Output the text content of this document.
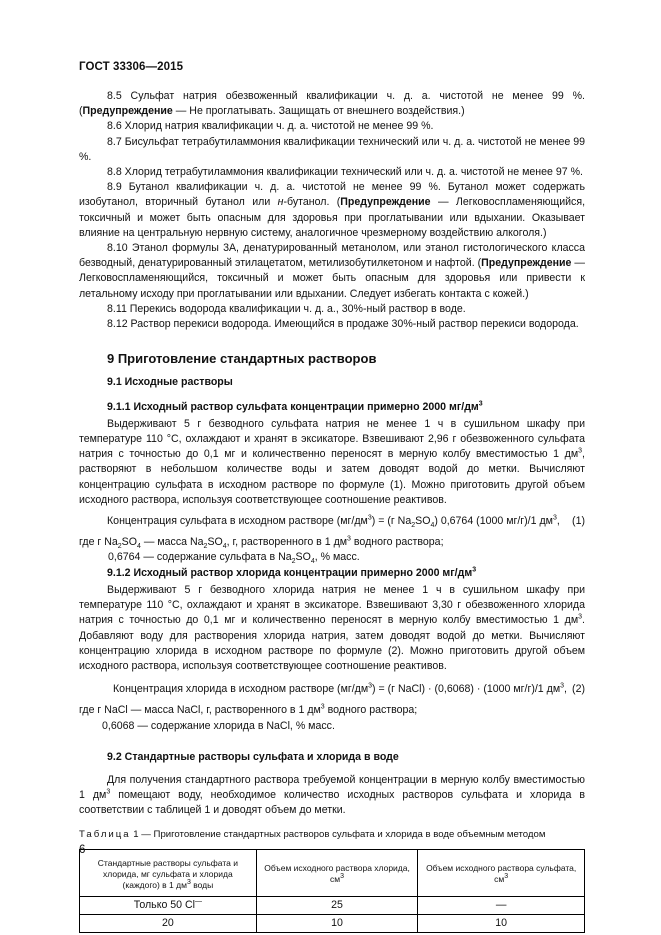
ГОСТ 33306—2015

8.5 Сульфат натрия обезвоженный квалификации ч. д. а. чистотой не менее 99 %. (Предупреждение — Не проглатывать. Защищать от внешнего воздействия.)

8.6 Хлорид натрия квалификации ч. д. а. чистотой не менее 99 %.

8.7 Бисульфат тетрабутиламмония квалификации технический или ч. д. а. чистотой не менее 99 %.

8.8 Хлорид тетрабутиламмония квалификации технический или ч. д. а. чистотой не менее 97 %.

8.9 Бутанол квалификации ч. д. а. чистотой не менее 99 %. Бутанол может содержать изобутанол, вторичный бутанол или н-бутанол. (Предупреждение — Легковоспламеняющийся, токсичный и может быть опасным для здоровья при проглатывании или вдыхании. Оказывает влияние на центральную нервную систему, аналогичное чрезмерному воздействию алкоголя.)

8.10 Этанол формулы 3А, денатурированный метанолом, или этанол гистологического класса безводный, денатурированный этилацетатом, метилизобутилкетоном и нафтой. (Предупреждение — Легковоспламеняющийся, токсичный и может быть опасным для здоровья или привести к летальному исходу при проглатывании или вдыхании. Следует избегать контакта с кожей.)

8.11 Перекись водорода квалификации ч. д. а., 30%-ный раствор в воде.

8.12 Раствор перекиси водорода. Имеющийся в продаже 30%-ный раствор перекиси водорода.

9 Приготовление стандартных растворов
9.1 Исходные растворы
9.1.1 Исходный раствор сульфата концентрации примерно 2000 $мг/дм^3$

Выдерживают 5 г безводного сульфата натрия не менее 1 ч в сушильном шкафу при температуре 110 °С, охлаждают и хранят в эксикаторе. Взвешивают 2,96 г обезвоженного сульфата натрия с точностью до 0,1 мг и количественно переносят в мерную колбу вместимостью 1 $дм^3$, растворяют в небольшом количестве воды и затем доводят водой до метки. Вычисляют концентрацию сульфата в исходном растворе по формуле (1). Можно приготовить другой объем исходного раствора, используя соответствующее соотношение реактивов.

Концентрация сульфата в исходном растворе $(мг/дм^3) = (г$ $Na_2SO_4$) 0,6764 (1000 мг/г)/1 $дм^3$, (1)
где г $Na_2SO_4$ — масса $Na_2SO_4$, г, растворенного в 1 $дм^3$ водного раствора;
0,6764 — содержание сульфата в $Na_2SO_4$, % масс.
9.1.2 Исходный раствор хлорида концентрации примерно 2000 $мг/дм^3$

Выдерживают 5 г безводного хлорида натрия не менее 1 ч в сушильном шкафу при температуре 110 °С, охлаждают и хранят в эксикаторе. Взвешивают 3,30 г обезвоженного хлорида натрия с точностью до 0,1 мг и количественно переносят в мерную колбу вместимостью 1 $дм^3$. Добавляют воду для растворения хлорида натрия, затем доводят водой до метки. Вычисляют концентрацию хлорида в исходном растворе по формуле (2). Можно приготовить другой объем исходного раствора, используя соответствующее соотношение реактивов.

Концентрация хлорида в исходном растворе $(мг/дм^3) = (г$ NaCl) · (0,6068) · (1000 мг/г)/1 $дм^3$, (2)
где г NaCl — масса NaCl, г, растворенного в 1 $дм^3$ водного раствора;
0,6068 — содержание хлорида в NaCl, % масс.
9.2 Стандартные растворы сульфата и хлорида в воде

Для получения стандартного раствора требуемой концентрации в мерную колбу вместимостью 1 $дм^3$ помещают воду, необходимое количество исходных растворов сульфата и хлорида в соответствии с таблицей 1 и доводят объем до метки.

Таблица 1 — Приготовление стандартных растворов сульфата и хлорида в воде объемным методом
Стандартные растворы сульфата и хлорида, мг сульфата и хлорида (каждого) в 1 $дм^3$ воды	Объем исходного раствора хлорида, $см^3$	Объем исходного раствора сульфата, $см^3$
Только 50 Cl—	25	—
20	10	10
6
